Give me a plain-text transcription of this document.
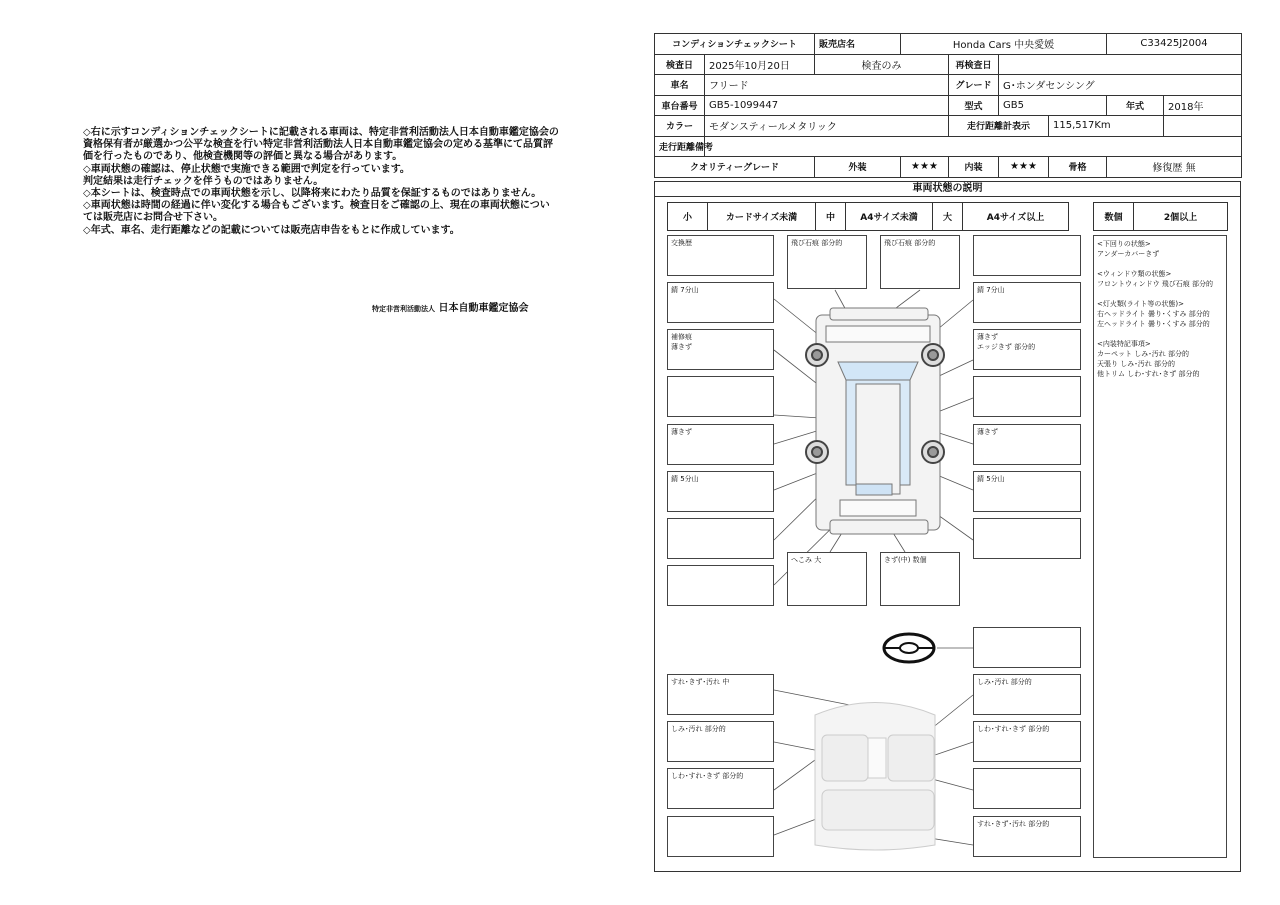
◇右に示すコンディションチェックシートに記載される車両は、特定非営利活動法人日本自動車鑑定協会の資格保有者が厳選かつ公平な検査を行い特定非営利活動法人日本自動車鑑定協会の定める基準にて品質評価を行ったものであり、他検査機関等の評価と異なる場合があります。

◇車両状態の確認は、停止状態で実施できる範囲で判定を行っています。

判定結果は走行チェックを伴うものではありません。

◇本シートは、検査時点での車両状態を示し、以降将来にわたり品質を保証するものではありません。

◇車両状態は時間の経過に伴い変化する場合もございます。検査日をご確認の上、現在の車両状態については販売店にお問合せ下さい。

◇年式、車名、走行距離などの記載については販売店申告をもとに作成しています。

特定非営利活動法人 日本自動車鑑定協会
コンディションチェックシート		販売店名	Honda Cars 中央愛媛				C33425J2004	
検査日	2025年10月20日	検査のみ		再検査日				
車名	フリード			グレード	G･ホンダセンシング			
車台番号	GB5-1099447			型式	GB5		年式	2018年
カラー	モダンスティールメタリック			走行距離計表示		115,517Km		
走行距離備考								
クオリティーグレード		外装	★★★	内装	★★★	骨格	修復歴 無	
車両状態の説明
小	カードサイズ未満	中	A4サイズ未満	大	A4サイズ以上	数個	2個以上
交換歴	飛び石痕 部分的	飛び石痕 部分的
錆 7分山	錆 7分山
補修痕
薄きず
薄きず
エッジきず 部分的
薄きず	薄きず
錆 5分山	錆 5分山
へこみ 大	きず(中) 数個
すれ･きず･汚れ 中	しみ･汚れ 部分的
しみ･汚れ 部分的	しわ･すれ･きず 部分的
しわ･すれ･きず 部分的
すれ･きず･汚れ 部分的
<下回りの状態>
アンダーカバーきず
<ウィンドウ類の状態>
フロントウィンドウ 飛び石痕 部分的
<灯火類(ライト等の状態)>
右ヘッドライト 曇り･くすみ 部分的
左ヘッドライト 曇り･くすみ 部分的
<内装特記事項>
カーペット しみ･汚れ 部分的
天張り しみ･汚れ 部分的
他トリム しわ･すれ･きず 部分的
